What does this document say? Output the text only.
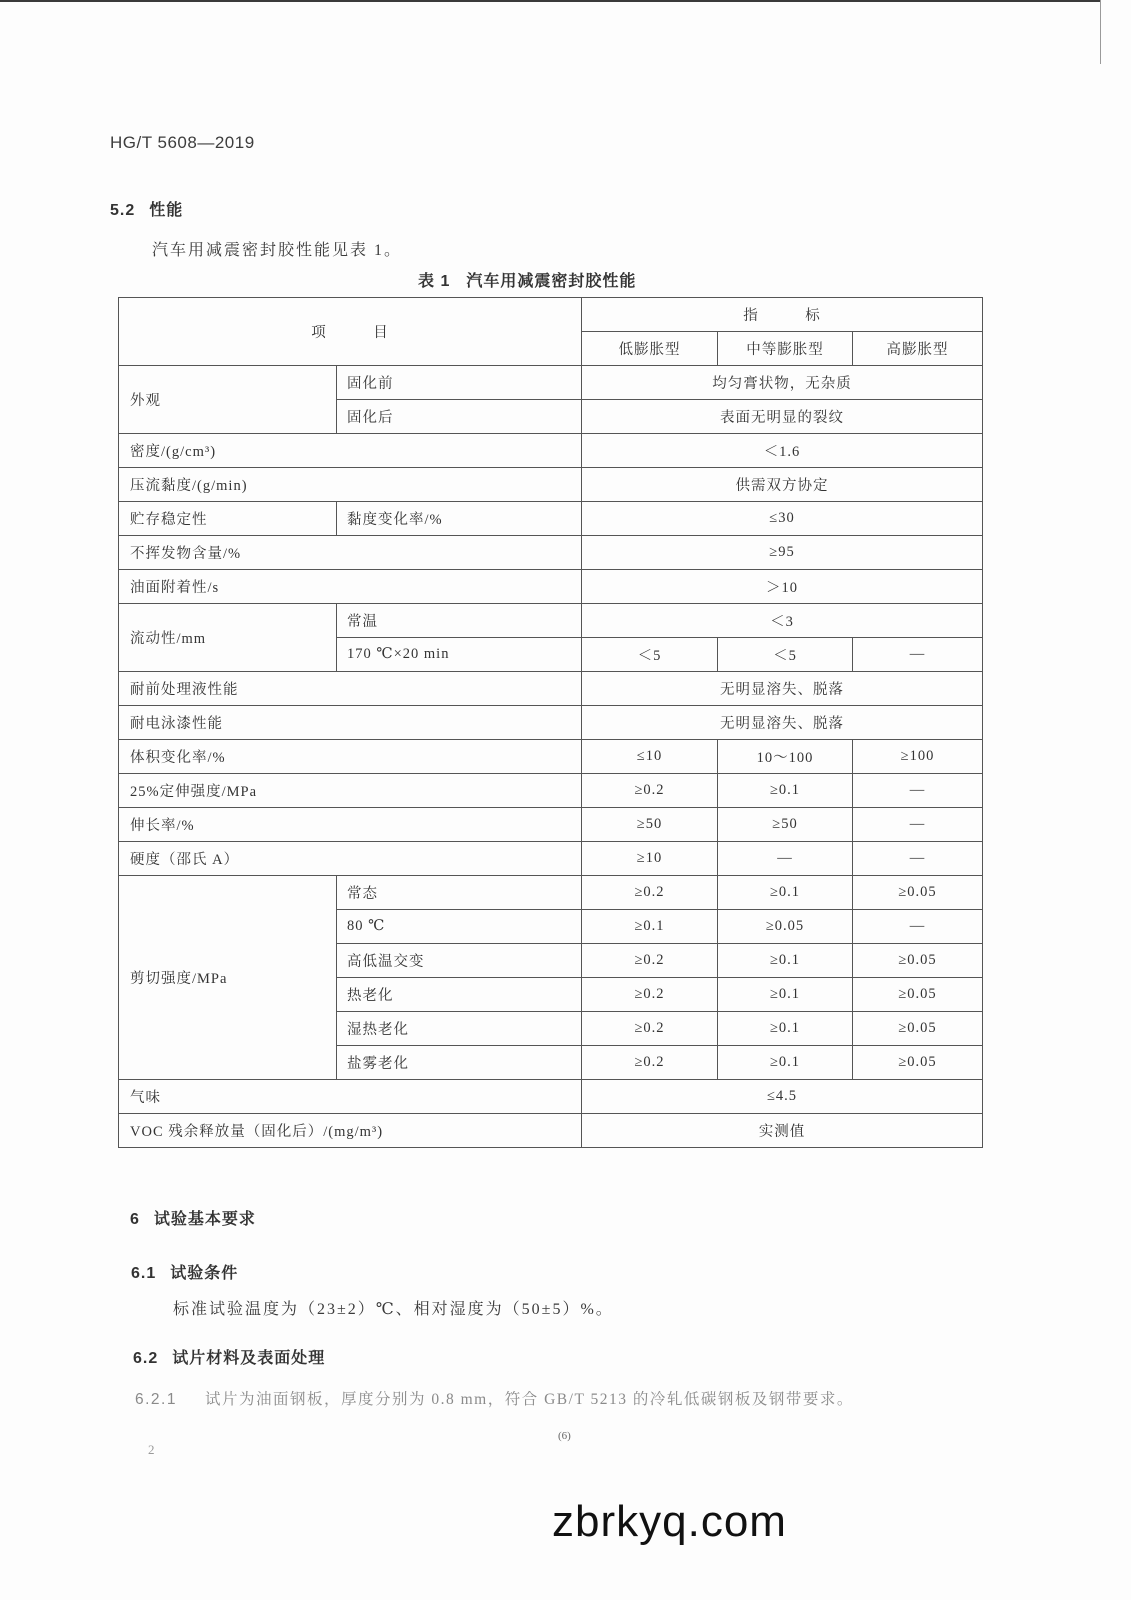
HG/T 5608—2019
5.2 性能
汽车用减震密封胶性能见表 1。
表 1 汽车用减震密封胶性能
项　　　目		指　　　标		
		低膨胀型	中等膨胀型	高膨胀型
外观	固化前	均匀膏状物，无杂质		
	固化后	表面无明显的裂纹		
密度/(g/cm³)		＜1.6		
压流黏度/(g/min)		供需双方协定		
贮存稳定性	黏度变化率/%	≤30		
不挥发物含量/%		≥95		
油面附着性/s		＞10		
流动性/mm	常温	＜3		
	170 ℃×20 min	＜5	＜5	—
耐前处理液性能		无明显溶失、脱落		
耐电泳漆性能		无明显溶失、脱落		
体积变化率/%		≤10	10～100	≥100
25%定伸强度/MPa		≥0.2	≥0.1	—
伸长率/%		≥50	≥50	—
硬度（邵氏 A）		≥10	—	—
剪切强度/MPa	常态	≥0.2	≥0.1	≥0.05
	80 ℃	≥0.1	≥0.05	—
	高低温交变	≥0.2	≥0.1	≥0.05
	热老化	≥0.2	≥0.1	≥0.05
	湿热老化	≥0.2	≥0.1	≥0.05
	盐雾老化	≥0.2	≥0.1	≥0.05
气味		≤4.5		
VOC 残余释放量（固化后）/(mg/m³)		实测值		
6 试验基本要求
6.1 试验条件
标准试验温度为（23±2）℃、相对湿度为（50±5）%。
6.2 试片材料及表面处理
6.2.1 试片为油面钢板，厚度分别为 0.8 mm，符合 GB/T 5213 的冷轧低碳钢板及钢带要求。
(6)
2
zbrkyq.com
